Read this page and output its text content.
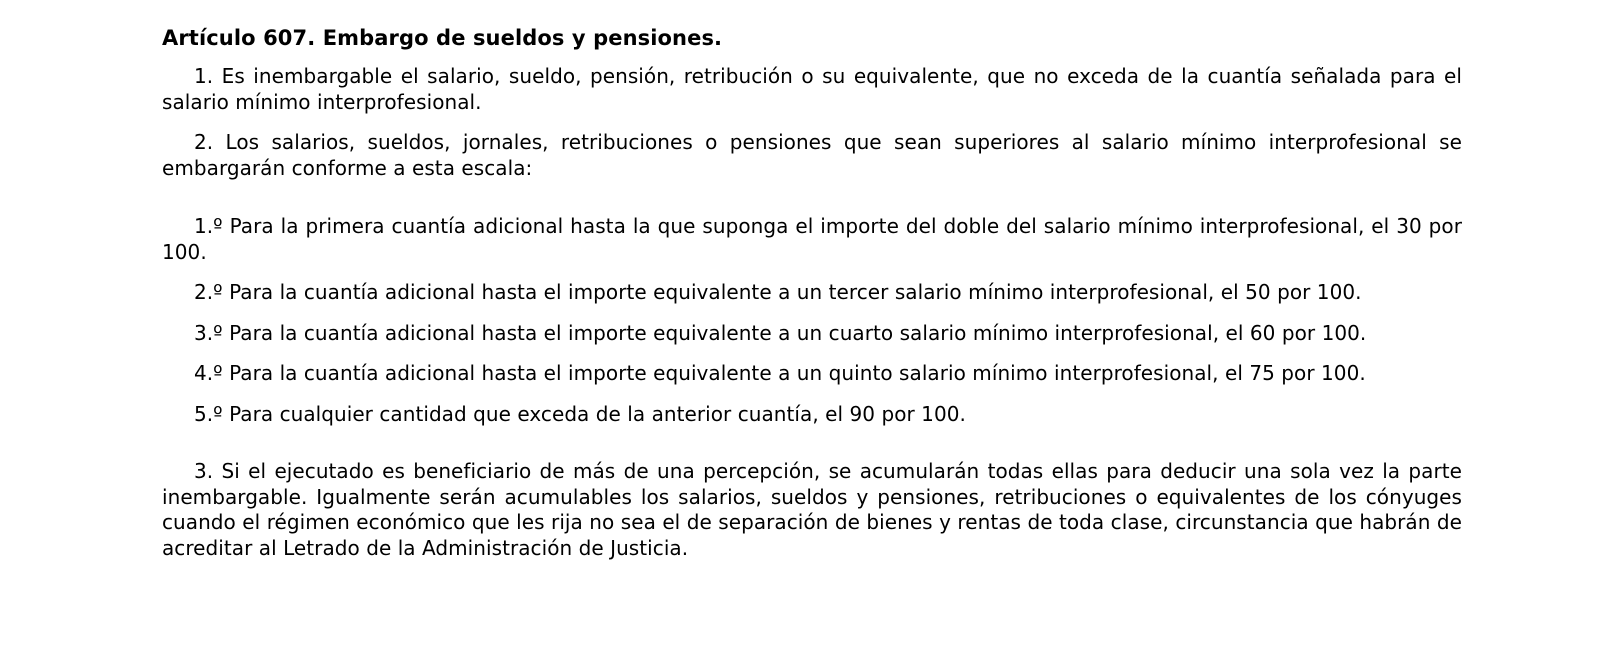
Artículo 607. Embargo de sueldos y pensiones.

1. Es inembargable el salario, sueldo, pensión, retribución o su equivalente, que no exceda de la cuantía señalada para el salario mínimo interprofesional.

2. Los salarios, sueldos, jornales, retribuciones o pensiones que sean superiores al salario mínimo interprofesional se embargarán conforme a esta escala:

1.º Para la primera cuantía adicional hasta la que suponga el importe del doble del salario mínimo interprofesional, el 30 por 100.

2.º Para la cuantía adicional hasta el importe equivalente a un tercer salario mínimo interprofesional, el 50 por 100.

3.º Para la cuantía adicional hasta el importe equivalente a un cuarto salario mínimo interprofesional, el 60 por 100.

4.º Para la cuantía adicional hasta el importe equivalente a un quinto salario mínimo interprofesional, el 75 por 100.

5.º Para cualquier cantidad que exceda de la anterior cuantía, el 90 por 100.

3. Si el ejecutado es beneficiario de más de una percepción, se acumularán todas ellas para deducir una sola vez la parte inembargable. Igualmente serán acumulables los salarios, sueldos y pensiones, retribuciones o equivalentes de los cónyuges cuando el régimen económico que les rija no sea el de separación de bienes y rentas de toda clase, circunstancia que habrán de acreditar al Letrado de la Administración de Justicia.
